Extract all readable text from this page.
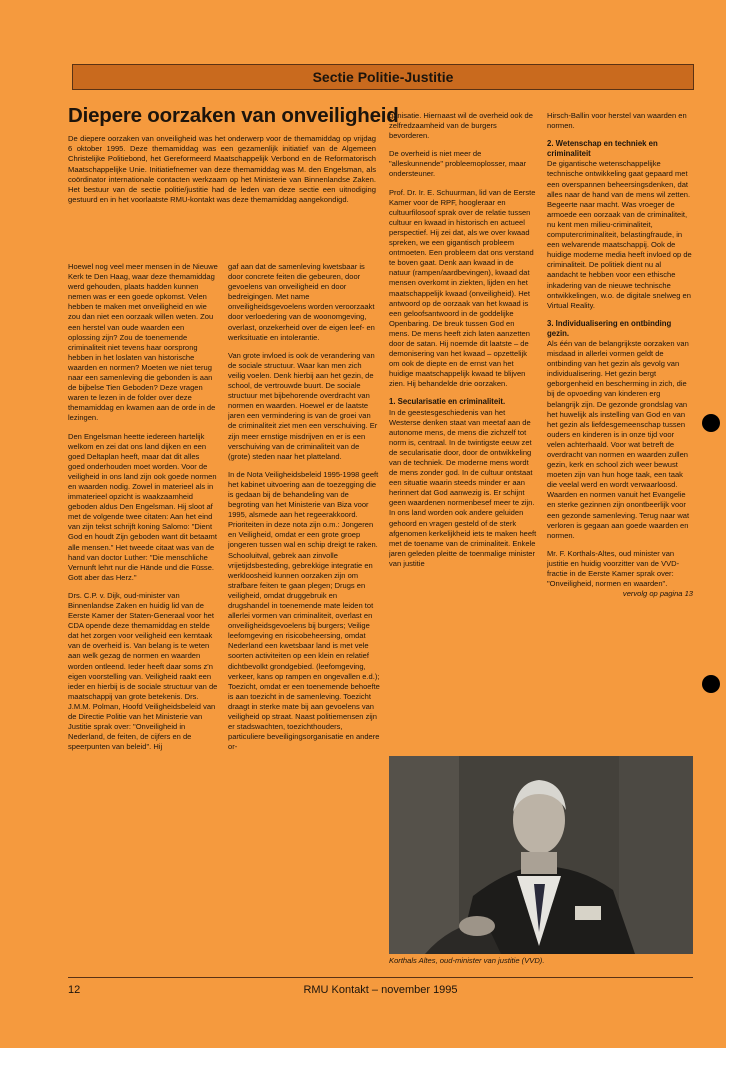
Sectie Politie-Justitie
Diepere oorzaken van onveiligheid
De diepere oorzaken van onveiligheid was het onderwerp voor de themamiddag op vrijdag 6 oktober 1995. Deze themamiddag was een gezamenlijk initiatief van de Algemeen Christelijke Politiebond, het Gereformeerd Maatschappelijk Verbond en de Reformatorisch Maatschappelijke Unie. Initiatiefnemer van deze themamiddag was M. den Engelsman, als coördinator internationale contacten werkzaam op het Ministerie van Binnenlandse Zaken. Het bestuur van de sectie politie/justitie had de leden van deze sectie een uitnodiging gestuurd en in het voorlaatste RMU-kontakt was deze themamiddag aangekondigd.

Hoewel nog veel meer mensen in de Nieuwe Kerk te Den Haag, waar deze themamiddag werd gehouden, plaats hadden kunnen nemen was er een goede opkomst. Velen hebben te maken met onveiligheid en wie zou dan niet een oorzaak willen weten. Zou een herstel van oude waarden een oplossing zijn? Zou de toenemende criminaliteit niet tevens haar oorsprong hebben in het loslaten van historische waarden en normen? Moeten we niet terug naar een samenleving die gebonden is aan de bijbelse Tien Geboden? Deze vragen waren te lezen in de folder over deze themamiddag en kwamen aan de orde in de lezingen.

Den Engelsman heette iedereen hartelijk welkom en zei dat ons land dijken en een goed Deltaplan heeft, maar dat dit alles goed onderhouden moet worden. Voor de veiligheid in ons land zijn ook goede normen en waarden nodig. Zowel in materieel als in immaterieel opzicht is waakzaamheid geboden aldus Den Engelsman. Hij sloot af met de volgende twee citaten: Aan het eind van zijn tekst schrijft koning Salomo: "Dient God en houdt Zijn geboden want dit betaamt alle mensen." Het tweede citaat was van de hand van doctor Luther: "Die menschliche Vernunft lehrt nur die Hände und die Füsse. Gott aber das Herz."

Drs. C.P. v. Dijk, oud-minister van Binnenlandse Zaken en huidig lid van de Eerste Kamer der Staten-Generaal voor het CDA opende deze themamiddag en stelde dat het zorgen voor veiligheid een kerntaak van de overheid is. Van belang is te weten aan welk gezag de normen en waarden worden ontleend. Ieder heeft daar soms z'n eigen voorstelling van. Veiligheid raakt een ieder en hierbij is de sociale structuur van de maatschappij van grote betekenis. Drs. J.M.M. Polman, Hoofd Veiligheidsbeleid van de Directie Politie van het Ministerie van Justitie sprak over: "Onveiligheid in Nederland, de feiten, de cijfers en de speerpunten van beleid". Hij

gaf aan dat de samenleving kwetsbaar is door concrete feiten die gebeuren, door gevoelens van onveiligheid en door bedreigingen. Met name onveiligheidsgevoelens worden veroorzaakt door verloedering van de woonomgeving, overlast, onzekerheid over de eigen leef- en werksituatie en intolerantie.

Van grote invloed is ook de verandering van de sociale structuur. Waar kan men zich veilig voelen. Denk hierbij aan het gezin, de school, de vertrouwde buurt. De sociale structuur met bijbehorende overdracht van normen en waarden. Hoewel er de laatste jaren een vermindering is van de groei van de criminaliteit ziet men een verschuiving. Er zijn meer ernstige misdrijven en er is een verschuiving van de criminaliteit van de (grote) steden naar het platteland.

In de Nota Veiligheidsbeleid 1995-1998 geeft het kabinet uitvoering aan de toezegging die is gedaan bij de behandeling van de begroting van het Ministerie van Biza voor 1995, alsmede aan het regeerakkoord. Prioriteiten in deze nota zijn o.m.: Jongeren en Veiligheid, omdat er een grote groep jongeren tussen wal en schip dreigt te raken. Schooluitval, gebrek aan zinvolle vrijetijdsbesteding, gebrekkige integratie en werkloosheid kunnen oorzaken zijn om strafbare feiten te gaan plegen; Drugs en veiligheid, omdat druggebruik en drugshandel in toenemende mate leiden tot allerlei vormen van criminaliteit, overlast en onveiligheidsgevoelens bij burgers; Veilige leefomgeving en risicobeheersing, omdat Nederland een kwetsbaar land is met vele soorten activiteiten op een klein en relatief dichtbevolkt grondgebied. (leefomgeving, verkeer, kans op rampen en ongevallen e.d.); Toezicht, omdat er een toenemende behoefte is aan toezicht in de samenleving. Toezicht draagt in sterke mate bij aan gevoelens van veiligheid op straat. Naast politiemensen zijn er stadswachten, toezichthouders, particuliere beveiligingsorganisatie en andere or-

ganisatie. Hiernaast wil de overheid ook de zelfredzaamheid van de burgers bevorderen.

De overheid is niet meer de "alleskunnende" probleemoplosser, maar ondersteuner.

Prof. Dr. Ir. E. Schuurman, lid van de Eerste Kamer voor de RPF, hoogleraar en cultuurfilosoof sprak over de relatie tussen cultuur en kwaad in historisch en actueel perspectief. Hij zei dat, als we over kwaad spreken, we een gigantisch probleem ontmoeten. Een probleem dat ons verstand te boven gaat. Denk aan kwaad in de natuur (rampen/aardbevingen), kwaad dat mensen overkomt in ziekten, lijden en het maatschappelijk kwaad (onveiligheid). Het antwoord op de oorzaak van het kwaad is een geloofsantwoord in de goddelijke Openbaring. De breuk tussen God en mens. De mens heeft zich laten aanzetten door de satan. Hij noemde dit laatste – de demonisering van het kwaad – opzettelijk om ook de diepte en de ernst van het huidige maatschappelijk kwaad te blijven zien. Hij behandelde drie oorzaken.

1. Secularisatie en criminaliteit.

In de geestesgeschiedenis van het Westerse denken staat van meetaf aan de autonome mens, de mens die zichzelf tot norm is, centraal. In de twintigste eeuw zet de secularisatie door, door de ontwikkeling van de techniek. De moderne mens wordt de mens zonder god. In de cultuur ontstaat een situatie waarin steeds minder er aan herinnert dat God aanwezig is. Er schijnt geen waardenen normenbesef meer te zijn. In ons land worden ook andere geluiden gehoord en vragen gesteld of de sterk afgenomen kerkelijkheid iets te maken heeft met de toename van de criminaliteit. Enkele jaren geleden pleitte de toenmalige minister van justitie

Hirsch-Ballin voor herstel van waarden en normen.

2. Wetenschap en techniek en criminaliteit

De gigantische wetenschappelijke technische ontwikkeling gaat gepaard met een overspannen beheersingsdenken, dat alles naar de hand van de mens wil zetten. Begeerte naar macht. Was vroeger de armoede een oorzaak van de criminaliteit, nu kent men milieu-criminaliteit, computercriminaliteit, belastingfraude, in een welvarende maatschappij. Ook de huidige moderne media heeft invloed op de criminaliteit. De politiek dient nu al aandacht te hebben voor een ethische inkadering van de nieuwe technische ontwikkelingen, w.o. de digitale snelweg en Virtual Reality.

3. Individualisering en ontbinding gezin.

Als één van de belangrijkste oorzaken van misdaad in allerlei vormen geldt de ontbinding van het gezin als gevolg van individualisering. Het gezin bergt geborgenheid en bescherming in zich, die bij de opvoeding van kinderen erg belangrijk zijn. De gezonde grondslag van het huwelijk als instelling van God en van het gezin als liefdesgemeenschap tussen ouders en kinderen is in onze tijd voor velen achterhaald. Voor wat betreft de overdracht van normen en waarden zullen gezin, kerk en school zich weer bewust moeten zijn van hun hoge taak, een taak die veelal werd en wordt verwaarloosd. Waarden en normen vanuit het Evangelie en sterke gezinnen zijn onontbeerlijk voor een gezonde samenleving. Terug naar wat verloren is gegaan aan goede waarden en normen.

Mr. F. Korthals-Altes, oud minister van justitie en huidig voorzitter van de VVD-fractie in de Eerste Kamer sprak over: "Onveiligheid, normen en waarden".

vervolg op pagina 13
Korthals Altes, oud-minister van justitie (VVD).
12	RMU Kontakt – november 1995
